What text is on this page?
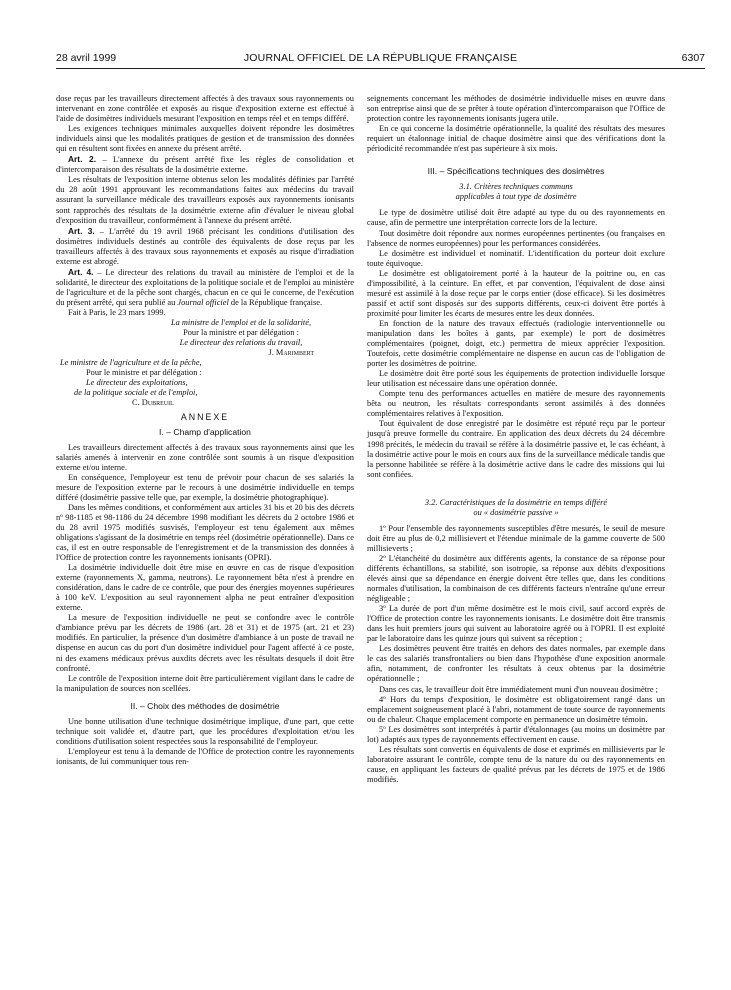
28 avril 1999	JOURNAL OFFICIEL DE LA RÉPUBLIQUE FRANÇAISE	6307

dose reçus par les travailleurs directement affectés à des travaux sous rayonnements ou intervenant en zone contrôlée et exposés au risque d'exposition externe est effectué à l'aide de dosimètres individuels mesurant l'exposition en temps réel et en temps différé.

Les exigences techniques minimales auxquelles doivent répondre les dosimètres individuels ainsi que les modalités pratiques de gestion et de transmission des données qui en résultent sont fixées en annexe du présent arrêté.

Art. 2. – L'annexe du présent arrêté fixe les règles de consolidation et d'intercomparaison des résultats de la dosimétrie externe.

Les résultats de l'exposition interne obtenus selon les modalités définies par l'arrêté du 28 août 1991 approuvant les recommandations faites aux médecins du travail assurant la surveillance médicale des travailleurs exposés aux rayonnements ionisants sont rapprochés des résultats de la dosimétrie externe afin d'évaluer le niveau global d'exposition du travailleur, conformément à l'annexe du présent arrêté.

Art. 3. – L'arrêté du 19 avril 1968 précisant les conditions d'utilisation des dosimètres individuels destinés au contrôle des équivalents de dose reçus par les travailleurs affectés à des travaux sous rayonnements et exposés au risque d'irradiation externe est abrogé.

Art. 4. – Le directeur des relations du travail au ministère de l'emploi et de la solidarité, le directeur des exploitations de la politique sociale et de l'emploi au ministère de l'agriculture et de la pêche sont chargés, chacun en ce qui le concerne, de l'exécution du présent arrêté, qui sera publié au Journal officiel de la République française.

Fait à Paris, le 23 mars 1999.

La ministre de l'emploi et de la solidarité,

Pour la ministre et par délégation :

Le directeur des relations du travail,

J. Marimbert

Le ministre de l'agriculture et de la pêche,

Pour le ministre et par délégation :

Le directeur des exploitations,

de la politique sociale et de l'emploi,

C. Dubreuil

ANNEXE
I. – Champ d'application

Les travailleurs directement affectés à des travaux sous rayonnements ainsi que les salariés amenés à intervenir en zone contrôlée sont soumis à un risque d'exposition externe et/ou interne.

En conséquence, l'employeur est tenu de prévoir pour chacun de ses salariés la mesure de l'exposition externe par le recours à une dosimétrie individuelle en temps différé (dosimétrie passive telle que, par exemple, la dosimétrie photographique).

Dans les mêmes conditions, et conformément aux articles 31 bis et 20 bis des décrets nº 98-1185 et 98-1186 du 24 décembre 1998 modifiant les décrets du 2 octobre 1986 et du 28 avril 1975 modifiés susvisés, l'employeur est tenu également aux mêmes obligations s'agissant de la dosimétrie en temps réel (dosimétrie opérationnelle). Dans ce cas, il est en outre responsable de l'enregistrement et de la transmission des données à l'Office de protection contre les rayonnements ionisants (OPRI).

La dosimétrie individuelle doit être mise en œuvre en cas de risque d'exposition externe (rayonnements X, gamma, neutrons). Le rayonnement bêta n'est à prendre en considération, dans le cadre de ce contrôle, que pour des énergies moyennes supérieures à 100 keV. L'exposition au seul rayonnement alpha ne peut entraîner d'exposition externe.

La mesure de l'exposition individuelle ne peut se confondre avec le contrôle d'ambiance prévu par les décrets de 1986 (art. 28 et 31) et de 1975 (art. 21 et 23) modifiés. En particulier, la présence d'un dosimètre d'ambiance à un poste de travail ne dispense en aucun cas du port d'un dosimètre individuel pour l'agent affecté à ce poste, ni des examens médicaux prévus auxdits décrets avec les résultats desquels il doit être confronté.

Le contrôle de l'exposition interne doit être particulièrement vigilant dans le cadre de la manipulation de sources non scellées.

II. – Choix des méthodes de dosimétrie

Une bonne utilisation d'une technique dosimétrique implique, d'une part, que cette technique soit validée et, d'autre part, que les procédures d'exploitation et/ou les conditions d'utilisation soient respectées sous la responsabilité de l'employeur.

L'employeur est tenu à la demande de l'Office de protection contre les rayonnements ionisants, de lui communiquer tous ren-

seignements concernant les méthodes de dosimétrie individuelle mises en œuvre dans son entreprise ainsi que de se prêter à toute opération d'intercomparaison que l'Office de protection contre les rayonnements ionisants jugera utile.

En ce qui concerne la dosimétrie opérationnelle, la qualité des résultats des mesures requiert un étalonnage initial de chaque dosimètre ainsi que des vérifications dont la périodicité recommandée n'est pas supérieure à six mois.

III. – Spécifications techniques des dosimètres
3.1. Critères techniques communs
applicables à tout type de dosimètre

Le type de dosimètre utilisé doit être adapté au type du ou des rayonnements en cause, afin de permettre une interprétation correcte lors de la lecture.

Tout dosimètre doit répondre aux normes européennes pertinentes (ou françaises en l'absence de normes européennes) pour les performances considérées.

Le dosimètre est individuel et nominatif. L'identification du porteur doit exclure toute équivoque.

Le dosimètre est obligatoirement porté à la hauteur de la poitrine ou, en cas d'impossibilité, à la ceinture. En effet, et par convention, l'équivalent de dose ainsi mesuré est assimilé à la dose reçue par le corps entier (dose efficace). Si les dosimètres passif et actif sont disposés sur des supports différents, ceux-ci doivent être portés à proximité pour limiter les écarts de mesures entre les deux données.

En fonction de la nature des travaux effectués (radiologie interventionnelle ou manipulation dans les boîtes à gants, par exemple) le port de dosimètres complémentaires (poignet, doigt, etc.) permettra de mieux apprécier l'exposition. Toutefois, cette dosimétrie complémentaire ne dispense en aucun cas de l'obligation de porter les dosimètres de poitrine.

Le dosimètre doit être porté sous les équipements de protection individuelle lorsque leur utilisation est nécessaire dans une opération donnée.

Compte tenu des performances actuelles en matière de mesure des rayonnements bêta ou neutron, les résultats correspondants seront assimilés à des données complémentaires relatives à l'exposition.

Tout équivalent de dose enregistré par le dosimètre est réputé reçu par le porteur jusqu'à preuve formelle du contraire. En application des deux décrets du 24 décembre 1998 précités, le médecin du travail se réfère à la dosimétrie passive et, le cas échéant, à la dosimétrie active pour le mois en cours aux fins de la surveillance médicale tandis que la personne habilitée se réfère à la dosimétrie active dans le cadre des missions qui lui sont confiées.

3.2. Caractéristiques de la dosimétrie en temps différé
ou « dosimétrie passive »

1º Pour l'ensemble des rayonnements susceptibles d'être mesurés, le seuil de mesure doit être au plus de 0,2 millisievert et l'étendue minimale de la gamme couverte de 500 millisieverts ;

2º L'étanchéité du dosimètre aux différents agents, la constance de sa réponse pour différents échantillons, sa stabilité, son isotropie, sa réponse aux débits d'expositions élevés ainsi que sa dépendance en énergie doivent être telles que, dans les conditions normales d'utilisation, la combinaison de ces différents facteurs n'entraîne qu'une erreur négligeable ;

3º La durée de port d'un même dosimètre est le mois civil, sauf accord exprès de l'Office de protection contre les rayonnements ionisants. Le dosimètre doit être transmis dans les huit premiers jours qui suivent au laboratoire agréé ou à l'OPRI. Il est exploité par le laboratoire dans les quinze jours qui suivent sa réception ;

Les dosimètres peuvent être traités en dehors des dates normales, par exemple dans le cas des salariés transfrontaliers ou bien dans l'hypothèse d'une exposition anormale afin, notamment, de confronter les résultats à ceux obtenus par la dosimétrie opérationnelle ;

Dans ces cas, le travailleur doit être immédiatement muni d'un nouveau dosimètre ;

4º Hors du temps d'exposition, le dosimètre est obligatoirement rangé dans un emplacement soigneusement placé à l'abri, notamment de toute source de rayonnements ou de chaleur. Chaque emplacement comporte en permanence un dosimètre témoin.

5º Les dosimètres sont interprétés à partir d'étalonnages (au moins un dosimètre par lot) adaptés aux types de rayonnements effectivement en cause.

Les résultats sont convertis en équivalents de dose et exprimés en millisieverts par le laboratoire assurant le contrôle, compte tenu de la nature du ou des rayonnements en cause, en appliquant les facteurs de qualité prévus par les décrets de 1975 et de 1986 modifiés.
